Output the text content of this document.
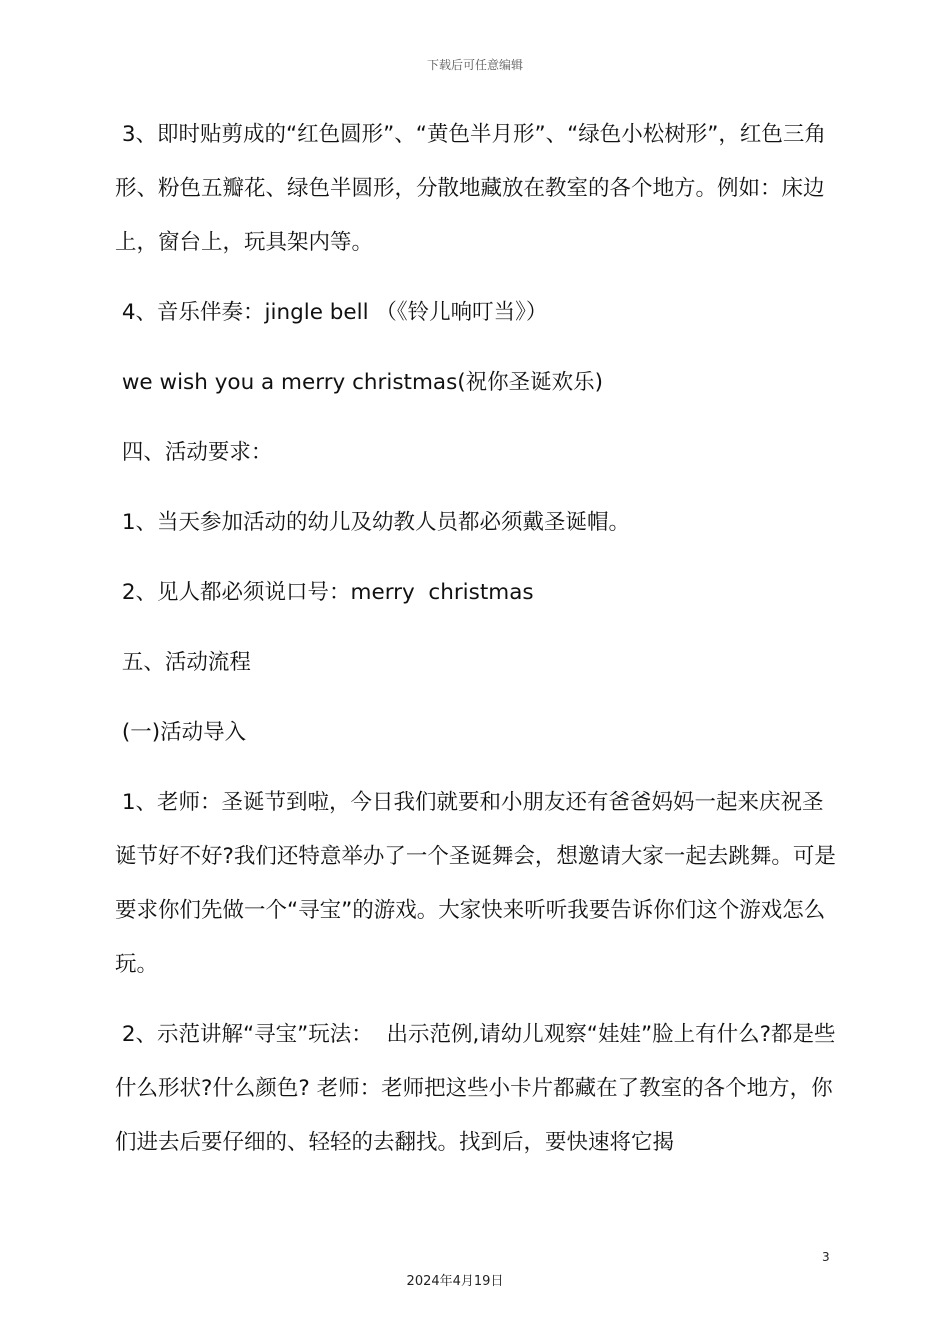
下载后可任意编辑

3、即时贴剪成的“红色圆形”、“黄色半月形”、“绿色小松树形”，红色三角形、粉色五瓣花、绿色半圆形，分散地藏放在教室的各个地方。例如：床边上，窗台上，玩具架内等。

4、音乐伴奏：jingle bell （《铃儿响叮当》）

we wish you a merry christmas(祝你圣诞欢乐)

四、活动要求：

1、当天参加活动的幼儿及幼教人员都必须戴圣诞帽。

2、见人都必须说口号：merry  christmas

五、活动流程

(一)活动导入

1、老师：圣诞节到啦，今日我们就要和小朋友还有爸爸妈妈一起来庆祝圣诞节好不好?我们还特意举办了一个圣诞舞会，想邀请大家一起去跳舞。可是要求你们先做一个“寻宝”的游戏。大家快来听听我要告诉你们这个游戏怎么玩。

2、示范讲解“寻宝”玩法：  出示范例,请幼儿观察“娃娃”脸上有什么?都是些什么形状?什么颜色? 老师：老师把这些小卡片都藏在了教室的各个地方，你们进去后要仔细的、轻轻的去翻找。找到后，要快速将它揭

3
2024年4月19日
